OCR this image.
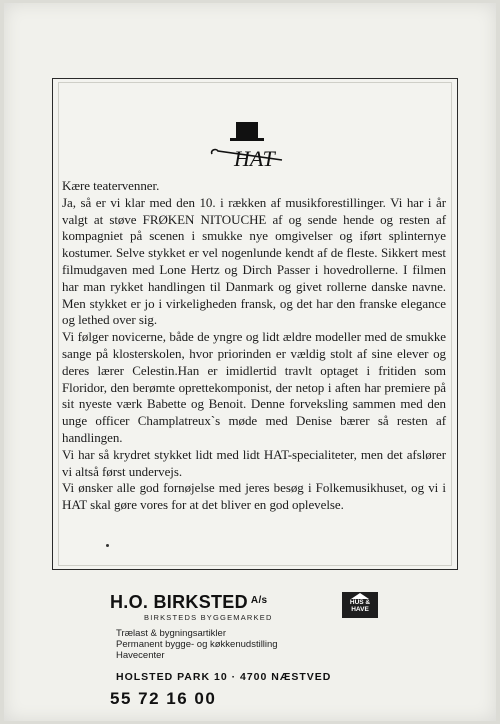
HAT

Kære teatervenner.

Ja, så er vi klar med den 10. i rækken af musikforestillinger. Vi har i år valgt at støve FRØKEN NITOUCHE af og sende hende og resten af kompagniet på scenen i smukke nye omgivelser og iført splinternye kostumer. Selve stykket er vel nogenlunde kendt af de fleste. Sikkert mest filmudgaven med Lone Hertz og Dirch Passer i hovedrollerne. I filmen har man rykket handlingen til Danmark og givet rollerne danske navne. Men stykket er jo i virkeligheden fransk, og det har den franske elegance og lethed over sig.

Vi følger novicerne, både de yngre og lidt ældre modeller med de smukke sange på klosterskolen, hvor priorinden er vældig stolt af sine elever og deres lærer Celestin.Han er imidlertid travlt optaget i fritiden som Floridor, den berømte oprettekomponist, der netop i aften har premiere på sit nyeste værk Babette og Benoit. Denne forveksling sammen med den unge officer Champlatreux`s møde med Denise bærer så resten af handlingen.

Vi har så krydret stykket lidt med lidt HAT-specialiteter, men det afslører vi altså først undervejs.

Vi ønsker alle god fornøjelse med jeres besøg i Folkemusikhuset, og vi i HAT skal gøre vores for at det bliver en god oplevelse.

HUS &
HAVE
H.O. BIRKSTED $^{A/s}$
BIRKSTEDS BYGGEMARKED
Trælast & bygningsartikler
Permanent bygge- og køkkenudstilling
Havecenter
HOLSTED PARK 10 · 4700 NÆSTVED
55 72 16 00
